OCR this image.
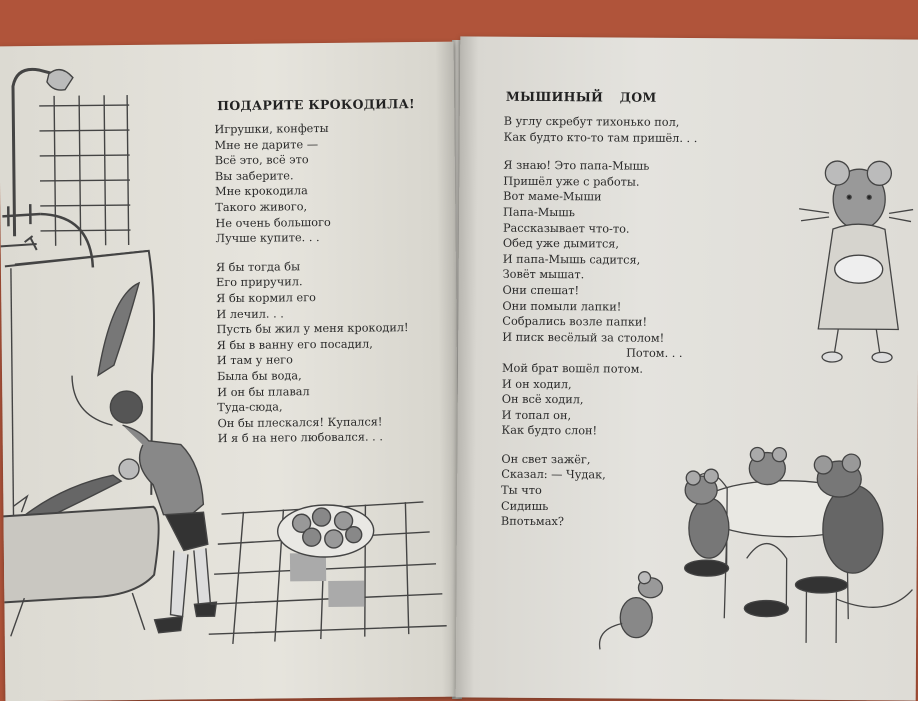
ПОДАРИТЕ КРОКОДИЛА!
Игрушки, конфеты
Мне не дарите —
Всё это, всё это
Вы заберите.
Мне крокодила
Такого живого,
Не очень большого
Лучше купите. . .
Я бы тогда бы
Его приручил.
Я бы кормил его
И лечил. . .
Пусть бы жил у меня крокодил!
Я бы в ванну его посадил,
И там у него
Была бы вода,
И он бы плавал
Туда-сюда,
Он бы плескался! Купался!
И я б на него любовался. . .
МЫШИНЫЙ ДОМ
В углу скребут тихонько пол,
Как будто кто-то там пришёл. . .
Я знаю! Это папа-Мышь
Пришёл уже с работы.
Вот маме-Мыши
Папа-Мышь
Рассказывает что-то.
Обед уже дымится,
И папа-Мышь садится,
Зовёт мышат.
Они спешат!
Они помыли лапки!
Собрались возле папки!
И писк весёлый за столом!
Потом. . .
Мой брат вошёл потом.
И он ходил,
Он всё ходил,
И топал он,
Как будто слон!
Он свет зажёг,
Сказал: — Чудак,
Ты что
Сидишь
Впотьмах?
